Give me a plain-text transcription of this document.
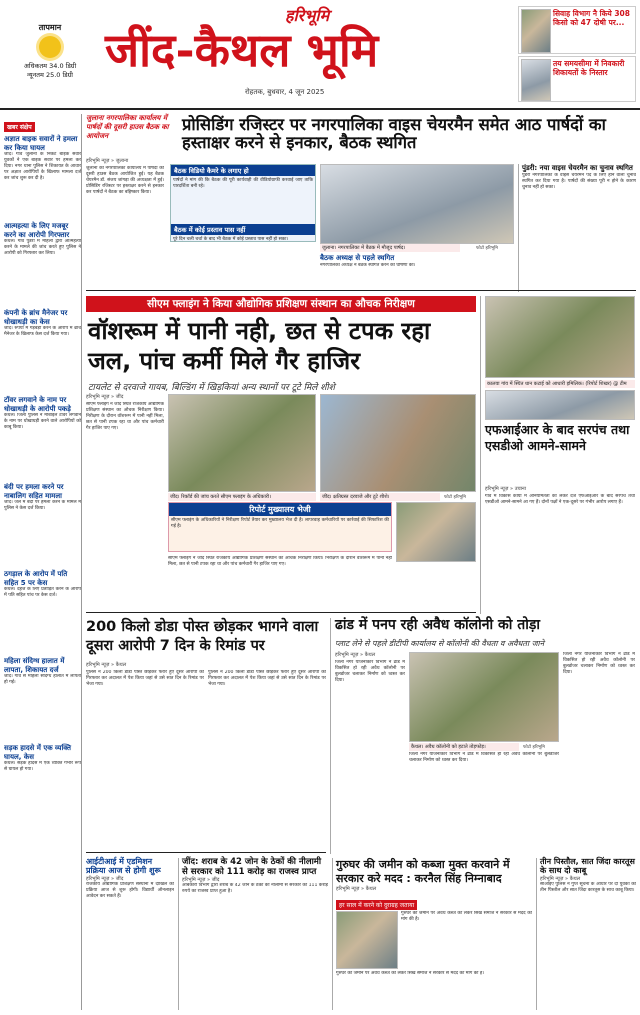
तापमान
अधिकतम 34.0 डिग्री
न्यूनतम 25.0 डिग्री
हरिभूमि
जींद-कैथल भूमि
रोहतक, बुधवार, 4 जून 2025
सिवाह विभाग नै किये 308 किसो को 47 दोषी पर...
तय समयसीमा में निवकारी शिकायतों के निस्तार
खबर संक्षेप
अज्ञात बाइक सवारों ने हमला कर किया घायल
जींद। गांव जुलाना के निकट बाइक सवार युवकों ने एक बाइक सवार पर हमला कर दिया। नगर थाना पुलिस ने शिकायत के आधार पर अज्ञात आरोपियों के खिलाफ मामला दर्ज कर जांच शुरू कर दी है।
आत्महत्या के लिए मजबूर करने का आरोपी गिरफ्तार
कैथल। गांव पुंडरी में महिला द्वारा आत्महत्या करने के मामले की जांच करते हुए पुलिस ने आरोपी को गिरफ्तार कर लिया।
कंपनी के ब्रांच मैनेजर पर धोखाधड़ी का केस
जींद। रुपयों में गड़बड़ी करने के आरोप में ब्रांच मैनेजर के खिलाफ केस दर्ज किया गया।
टॉवर लगवाने के नाम पर धोखाधड़ी के आरोपी पकड़े
कैथल। जिला पुलिस ने मोबाइल टावर लगवाने के नाम पर धोखाधड़ी करने वाले आरोपियों को काबू किया।
बंदी पर हमला करने पर नाबालिग सहित मामला
जींद। जेल में बंदी पर हमला करने के मामले में पुलिस ने केस दर्ज किया।
ठगड़ाल के आरोप में पति सहित 5 पर केस
कैथल। दहेज के लिए प्रताड़ित करने के आरोप में पति सहित पांच पर केस दर्ज।
महिला संदिग्ध हालात में लापता, शिकायत दर्ज
जींद। गांव से महिला संदिग्ध हालात में लापता हो गई।
सड़क हादसे में एक व्यक्ति घायल, केस
कैथल। सड़क हादसे में एक व्यक्ति गंभीर रूप से घायल हो गया।
जुलाना नगरपालिका कार्यालय में पार्षदों की दूसरी हाउस बैठक का आयोजन
प्रोसिडिंग रजिस्टर पर नगरपालिका वाइस चेयरमैन समेत आठ पार्षदों का हस्ताक्षर करने से इनकार, बैठक स्थगित
हरिभूमि न्यूज़ » जुलाना
जुलाना की नगरपालिका कार्यालय में पार्षदों की दूसरी हाउस बैठक आयोजित हुई। यह बैठक चेयरमैन डॉ. संजय जांगड़ा की अध्यक्षता में हुई। प्रोसिडिंग रजिस्टर पर हस्ताक्षर करने से इनकार कर पार्षदों ने बैठक का बहिष्कार किया।
बैठक विडियो कैमरे के लगाए हो
पार्षदों ने मांग की कि बैठक की पूरी कार्यवाही की वीडियोग्राफी करवाई जाए ताकि पारदर्शिता बनी रहे।
बैठक में कोई प्रस्ताव पास नहीं
पूरे दिन चली चर्चा के बाद भी बैठक में कोई प्रस्ताव पास नहीं हो सका।
जुलाना। नगरपालिका में बैठक में मौजूद पार्षद।	फोटो हरिभूमि
बैठक अध्यक्ष से पहले स्थगित
नगरपालिका अध्यक्ष ने बैठक स्थगित करने की घोषणा की।
पुंडरी: नया वाइस चेयरमैन का चुनाव स्थगित
पुंडरी नगरपालिका के वाइस चेयरमैन पद के लिए होने वाला चुनाव स्थगित कर दिया गया है। पार्षदों की संख्या पूरी न होने के कारण चुनाव नहीं हो सका।
सीएम फ्लाइंग ने किया औद्योगिक प्रशिक्षण संस्थान का औचक निरीक्षण
वॉशरूम में पानी नही, छत से टपक रहा जल, पांच कर्मी मिले गैर हाजिर
टायलेट से दरवाजे गायब, बिल्डिंग में खिड़कियां अन्य स्थानों पर टूटे मिले शीशे
हरिभूमि न्यूज़ » जींद
सीएम फ्लाइंग ने जींद स्थित राजकीय औद्योगिक प्रशिक्षण संस्थान का औचक निरीक्षण किया। निरीक्षण के दौरान वॉशरूम में पानी नहीं मिला, छत से पानी टपक रहा था और पांच कर्मचारी गैर हाजिर पाए गए।
जींद। रिकॉर्ड की जांच करते सीएम फ्लाइंग के अधिकारी।	जींद। क्षतिग्रस्त दरवाजे और टूटे शीशे।	फोटो हरिभूमि
रिपोर्ट मुख्यालय भेजी
सीएम फ्लाइंग के अधिकारियों ने निरीक्षण रिपोर्ट तैयार कर मुख्यालय भेज दी है। लापरवाह कर्मचारियों पर कार्रवाई की सिफारिश की गई है।
सीएम फ्लाइंग ने जींद स्थित राजकीय औद्योगिक प्रशिक्षण संस्थान का औचक निरीक्षण किया। निरीक्षण के दौरान वॉशरूम में पानी नहीं मिला, छत से पानी टपक रहा था और पांच कर्मचारी गैर हाजिर पाए गए।
कालवा गांव में स्थित धान कटाई को आधारी इमिलिक। (रिपोर्ट शिखर) @ टीम
एफआईआर के बाद सरपंच तथा एसडीओ आमने-सामने
हरिभूमि न्यूज़ » उचाना
गांव में विकास कार्यों में अनियमितता को लेकर दर्ज एफआईआर के बाद सरपंच तथा एसडीओ आमने-सामने आ गए हैं। दोनों पक्षों ने एक-दूसरे पर गंभीर आरोप लगाए हैं।
200 किलो डोडा पोस्त छोड़कर भागने वाला दूसरा आरोपी 7 दिन के रिमांड पर
हरिभूमि न्यूज़ » कैथल
पुलिस ने 200 किलो डोडा पोस्त छोड़कर फरार हुए दूसरे आरोपी को गिरफ्तार कर अदालत में पेश किया जहां से उसे सात दिन के रिमांड पर भेजा गया।
पुलिस ने 200 किलो डोडा पोस्त छोड़कर फरार हुए दूसरे आरोपी को गिरफ्तार कर अदालत में पेश किया जहां से उसे सात दिन के रिमांड पर भेजा गया।
ढांड में पनप रही अवैध कॉलोनी को तोड़ा
प्लाट लेने से पहले डीटीपी कार्यालय से कॉलोनी की वैधता व अवैधता जाने
हरिभूमि न्यूज़ » कैथल
जिला नगर योजनाकार विभाग ने ढांड में विकसित हो रही अवैध कॉलोनी पर बुलडोजर चलाकर निर्माण को ध्वस्त कर दिया।
कैथल। अवैध कॉलोनी को हटाते तोड़फोड़।	फोटो हरिभूमि
जिला नगर योजनाकार विभाग ने ढांड में विकसित हो रही अवैध कॉलोनी पर बुलडोजर चलाकर निर्माण को ध्वस्त कर दिया।
जिला नगर योजनाकार विभाग ने ढांड में विकसित हो रही अवैध कॉलोनी पर बुलडोजर चलाकर निर्माण को ध्वस्त कर दिया।
आईटीआई में एडमिशन प्रक्रिया आज से होगी शुरू
हरिभूमि न्यूज़ » जींद
राजकीय औद्योगिक प्रशिक्षण संस्थानों में दाखिले की प्रक्रिया आज से शुरू होगी। विद्यार्थी ऑनलाइन आवेदन कर सकते हैं।
जींद: शराब के 42 जोन के ठेकों की नीलामी से सरकार को 111 करोड़ का राजस्व प्राप्त
हरिभूमि न्यूज़ » जींद
आबकारी विभाग द्वारा शराब के 42 जोन के ठेकों की नीलामी से सरकार को 111 करोड़ रुपये का राजस्व प्राप्त हुआ है।
गुरुघर की जमीन को कब्जा मुक्त करवाने में सरकार करे मदद : करनैल सिंह निम्नाबाद
हरिभूमि न्यूज़ » कैथल
हर साल में करने को दुराग्रह जताया
गुरुघर की जमीन पर अवैध कब्जे को लेकर सिख समाज ने सरकार से मदद की मांग की है।
गुरुघर की जमीन पर अवैध कब्जे को लेकर सिख समाज ने सरकार से मदद की मांग की है।
तीन पिस्तौल, सात जिंदा कारतूस के साथ दो काबू
हरिभूमि न्यूज़ » कैथल
सीआईए पुलिस ने गुप्त सूचना के आधार पर दो युवकों को तीन पिस्तौल और सात जिंदा कारतूस के साथ काबू किया।
